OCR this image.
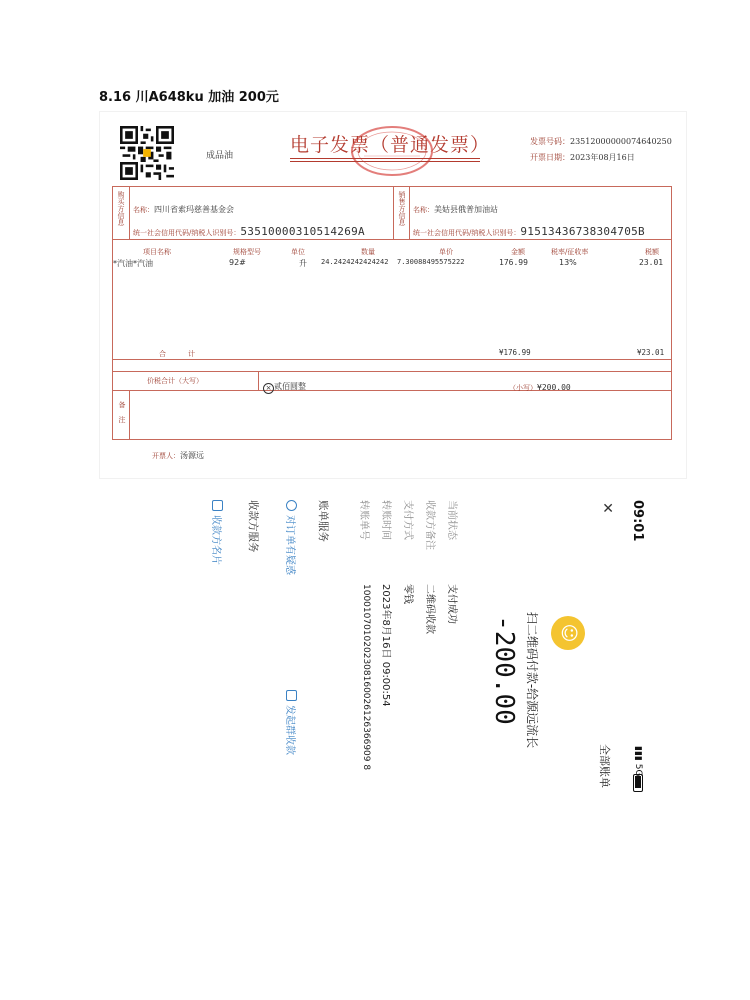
8.16 川A648ku 加油 200元
成品油	电子发票（普通发票）	发票号码：23512000000074640250
开票日期：2023年08月16日

购买方信息 名称：四川省索玛慈善基金会
统一社会信用代码/纳税人识别号：53510000310514269A
销售方信息 名称：美姑县俄普加油站
统一社会信用代码/纳税人识别号：91513436738304705B
项目名称	规格型号	单位	数量	单价	金额	税率/征收率	税额
*汽油*汽油	92#	升 24.2424242424242 7.30088495575222	176.99	13%	23.01
合计	¥176.99	¥23.01
价税合计（大写）
× 贰佰圆整	（小写）¥200.00
备注
开票人：汤源远
09:01
▮▮▮ 5G
✕
全部账单
☺
扫二维码付款-给源远流长
-200.00
当前状态
支付成功
收款方备注
二维码收款
支付方式
零钱
转账时间
2023年8月16日 09:00:54
转账单号
1000107010202308160026126366909 8
账单服务
对订单有疑惑
发起群收款
收款方服务
收款方名片
